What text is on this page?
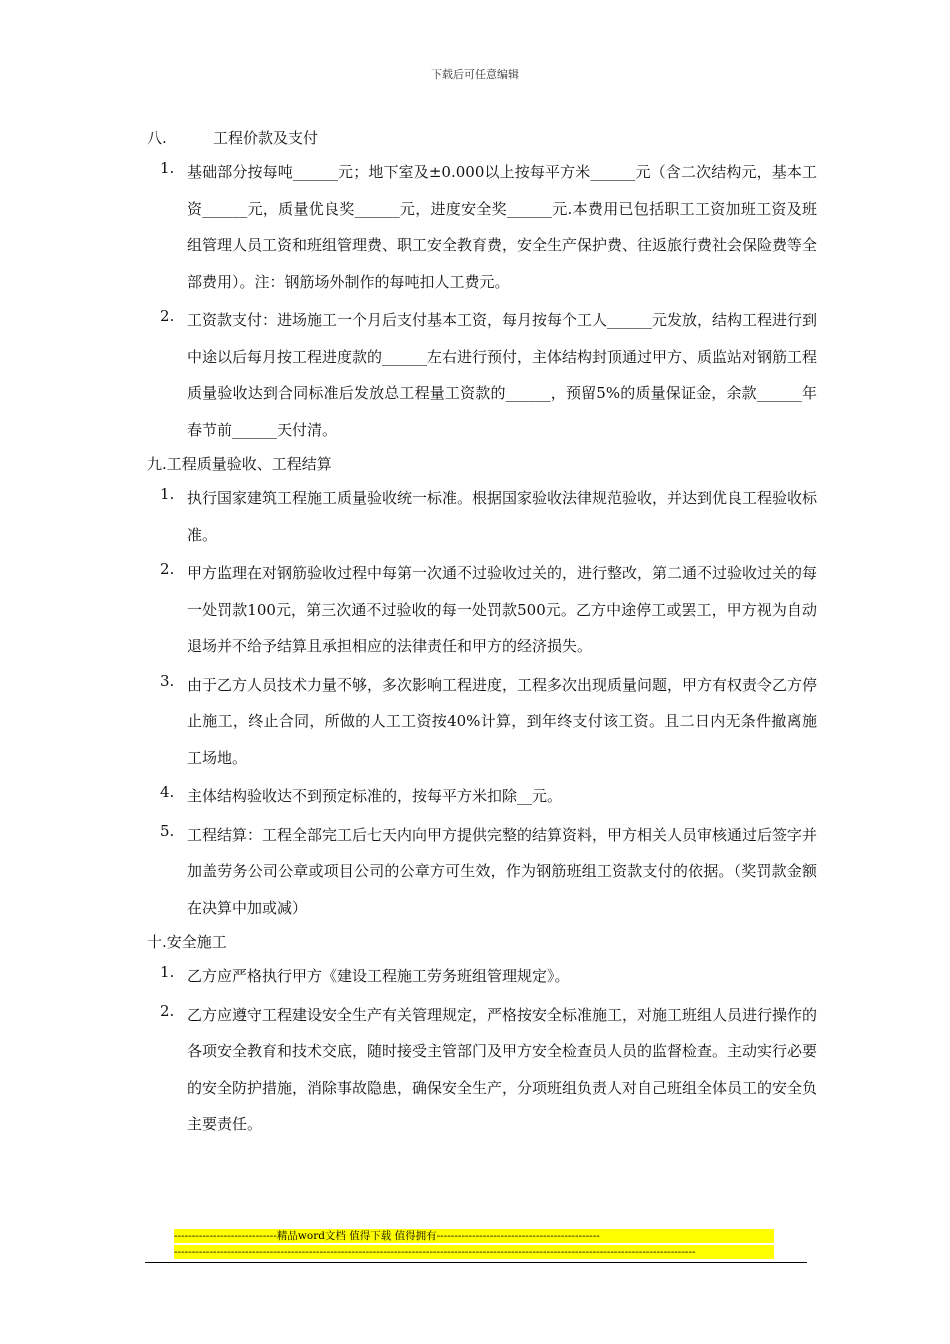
下载后可任意编辑
八.	工程价款及支付
1. 基础部分按每吨______元；地下室及±0.000以上按每平方米______元（含二次结构元，基本工资______元，质量优良奖______元，进度安全奖______元.本费用已包括职工工资加班工资及班组管理人员工资和班组管理费、职工安全教育费，安全生产保护费、往返旅行费社会保险费等全部费用）。注：钢筋场外制作的每吨扣人工费元。
2. 工资款支付：进场施工一个月后支付基本工资，每月按每个工人______元发放，结构工程进行到中途以后每月按工程进度款的______左右进行预付，主体结构封顶通过甲方、质监站对钢筋工程质量验收达到合同标准后发放总工程量工资款的______，预留5%的质量保证金，余款______年春节前______天付清。
九.工程质量验收、工程结算
1. 执行国家建筑工程施工质量验收统一标准。根据国家验收法律规范验收，并达到优良工程验收标准。
2. 甲方监理在对钢筋验收过程中每第一次通不过验收过关的，进行整改，第二通不过验收过关的每一处罚款100元，第三次通不过验收的每一处罚款500元。乙方中途停工或罢工，甲方视为自动退场并不给予结算且承担相应的法律责任和甲方的经济损失。
3. 由于乙方人员技术力量不够，多次影响工程进度，工程多次出现质量问题，甲方有权责令乙方停止施工，终止合同，所做的人工工资按40%计算，到年终支付该工资。且二日内无条件撤离施工场地。
4. 主体结构验收达不到预定标准的，按每平方米扣除__元。
5. 工程结算：工程全部完工后七天内向甲方提供完整的结算资料，甲方相关人员审核通过后签字并加盖劳务公司公章或项目公司的公章方可生效，作为钢筋班组工资款支付的依据。（奖罚款金额在决算中加或减）
十.安全施工
1. 乙方应严格执行甲方《建设工程施工劳务班组管理规定》。
2. 乙方应遵守工程建设安全生产有关管理规定，严格按安全标准施工，对施工班组人员进行操作的各项安全教育和技术交底，随时接受主管部门及甲方安全检查员人员的监督检查。主动实行必要的安全防护措施，消除事故隐患，确保安全生产，分项班组负责人对自己班组全体员工的安全负主要责任。
-----------------------------精品word文档 值得下载 值得拥有----------------------------------------------
---------------------------------------------------------------------------------------------------------------------------------------------------
